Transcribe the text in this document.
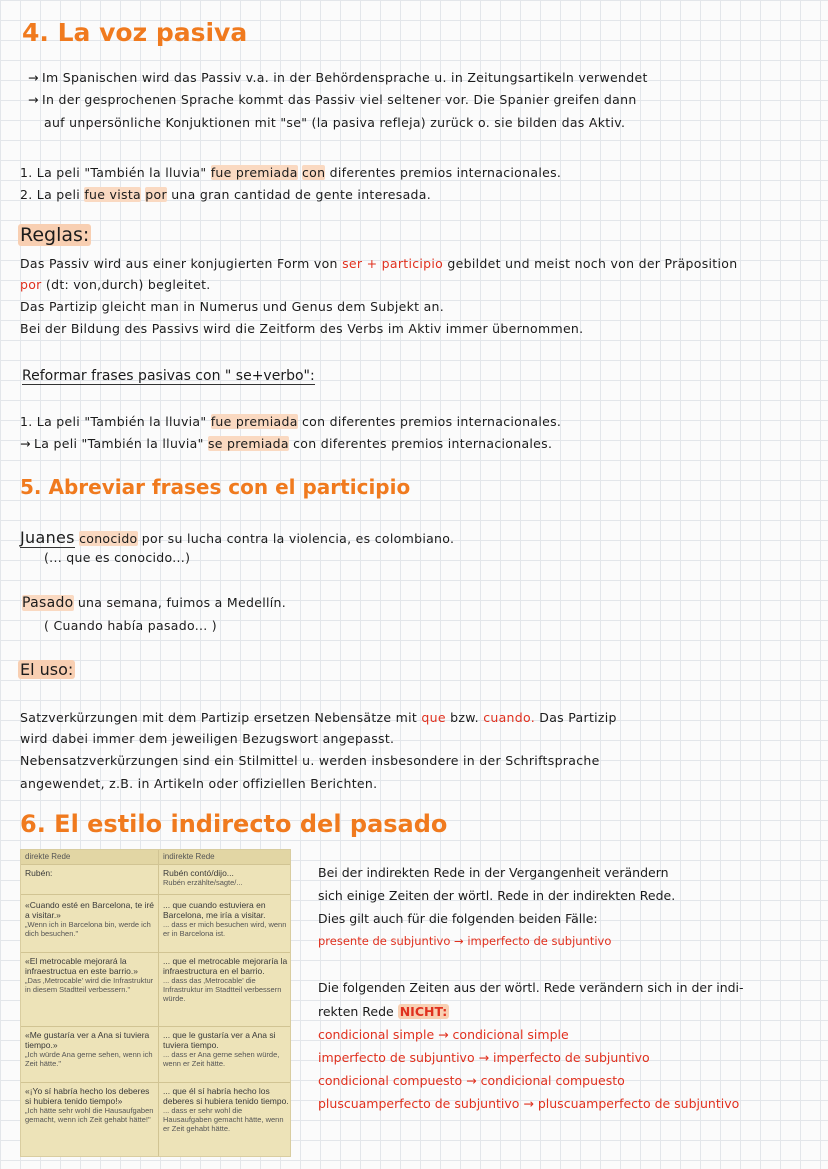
4. La voz pasiva
→ Im Spanischen wird das Passiv v.a. in der Behördensprache u. in Zeitungsartikeln verwendet
→ In der gesprochenen Sprache kommt das Passiv viel seltener vor. Die Spanier greifen dann
auf unpersönliche Konjuktionen mit "se" (la pasiva refleja) zurück o. sie bilden das Aktiv.
1. La peli "También la lluvia" fue premiada con diferentes premios internacionales.
2. La peli fue vista por una gran cantidad de gente interesada.
Reglas:
Das Passiv wird aus einer konjugierten Form von ser + participio gebildet und meist noch von der Präposition
por (dt: von,durch) begleitet.
Das Partizip gleicht man in Numerus und Genus dem Subjekt an.
Bei der Bildung des Passivs wird die Zeitform des Verbs im Aktiv immer übernommen.
Reformar frases pasivas con " se+verbo":
1. La peli "También la lluvia" fue premiada con diferentes premios internacionales.
→ La peli "También la lluvia" se premiada con diferentes premios internacionales.
5. Abreviar frases con el participio
Juanes conocido por su lucha contra la violencia, es colombiano.
(... que es conocido...)
Pasado una semana, fuimos a Medellín.
( Cuando había pasado... )
El uso:
Satzverkürzungen mit dem Partizip ersetzen Nebensätze mit que bzw. cuando. Das Partizip
wird dabei immer dem jeweiligen Bezugswort angepasst.
Nebensatzverkürzungen sind ein Stilmittel u. werden insbesondere in der Schriftsprache
angewendet, z.B. in Artikeln oder offiziellen Berichten.
6. El estilo indirecto del pasado
direkte Rede	indirekte Rede
Rubén:	Rubén contó/dijo...
Rubén erzählte/sagte/...
«Cuando esté en Barcelona, te iré a visitar.»
„Wenn ich in Barcelona bin, werde ich dich besuchen."
... que cuando estuviera en Barcelona, me iría a visitar.
... dass er mich besuchen wird, wenn er in Barcelona ist.
«El metrocable mejorará la infraestructua en este barrio.»
„Das ‚Metrocable' wird die Infrastruktur in diesem Stadtteil verbessern."
... que el metrocable mejoraría la infraestructura en el barrio.
... dass das ‚Metrocable' die Infrastruktur im Stadtteil verbessern würde.
«Me gustaría ver a Ana si tuviera tiempo.»
„Ich würde Ana gerne sehen, wenn ich Zeit hätte."
... que le gustaría ver a Ana si tuviera tiempo.
... dass er Ana gerne sehen würde, wenn er Zeit hätte.
«¡Yo sí habría hecho los deberes si hubiera tenido tiempo!»
„Ich hätte sehr wohl die Hausaufgaben gemacht, wenn ich Zeit gehabt hätte!"
... que él sí habría hecho los deberes si hubiera tenido tiempo.
... dass er sehr wohl die Hausaufgaben gemacht hätte, wenn er Zeit gehabt hätte.
Bei der indirekten Rede in der Vergangenheit verändern
sich einige Zeiten der wörtl. Rede in der indirekten Rede.
Dies gilt auch für die folgenden beiden Fälle:
presente de subjuntivo → imperfecto de subjuntivo
Die folgenden Zeiten aus der wörtl. Rede verändern sich in der indi-
rekten Rede NICHT:
condicional simple → condicional simple
imperfecto de subjuntivo → imperfecto de subjuntivo
condicional compuesto → condicional compuesto
pluscuamperfecto de subjuntivo → pluscuamperfecto de subjuntivo
